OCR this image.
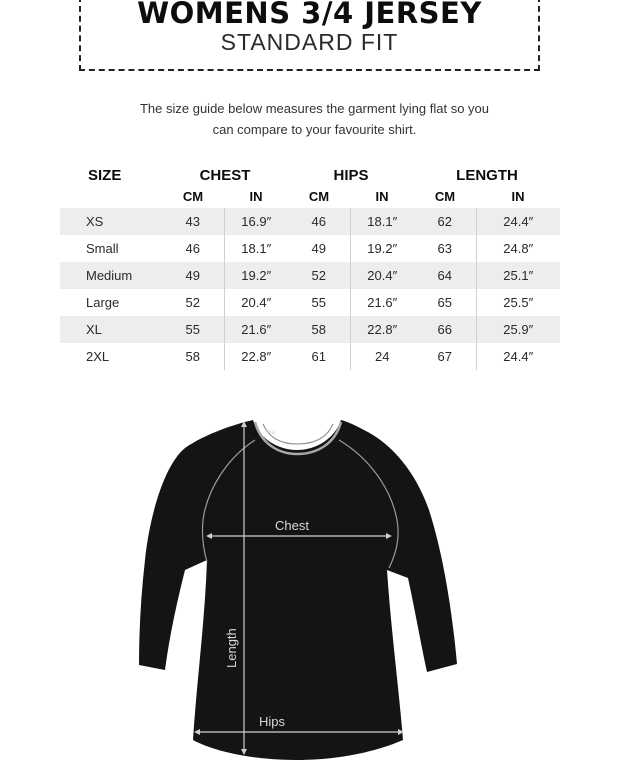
WOMENS 3/4 JERSEY
STANDARD FIT
The size guide below measures the garment lying flat so you
can compare to your favourite shirt.
SIZE	CHEST		HIPS		LENGTH	
	CM	IN	CM	IN	CM	IN
XS	43	16.9″	46	18.1″	62	24.4″
Small	46	18.1″	49	19.2″	63	24.8″
Medium	49	19.2″	52	20.4″	64	25.1″
Large	52	20.4″	55	21.6″	65	25.5″
XL	55	21.6″	58	22.8″	66	25.9″
2XL	58	22.8″	61	24	67	24.4″
DHB
Chest
Length
Hips
